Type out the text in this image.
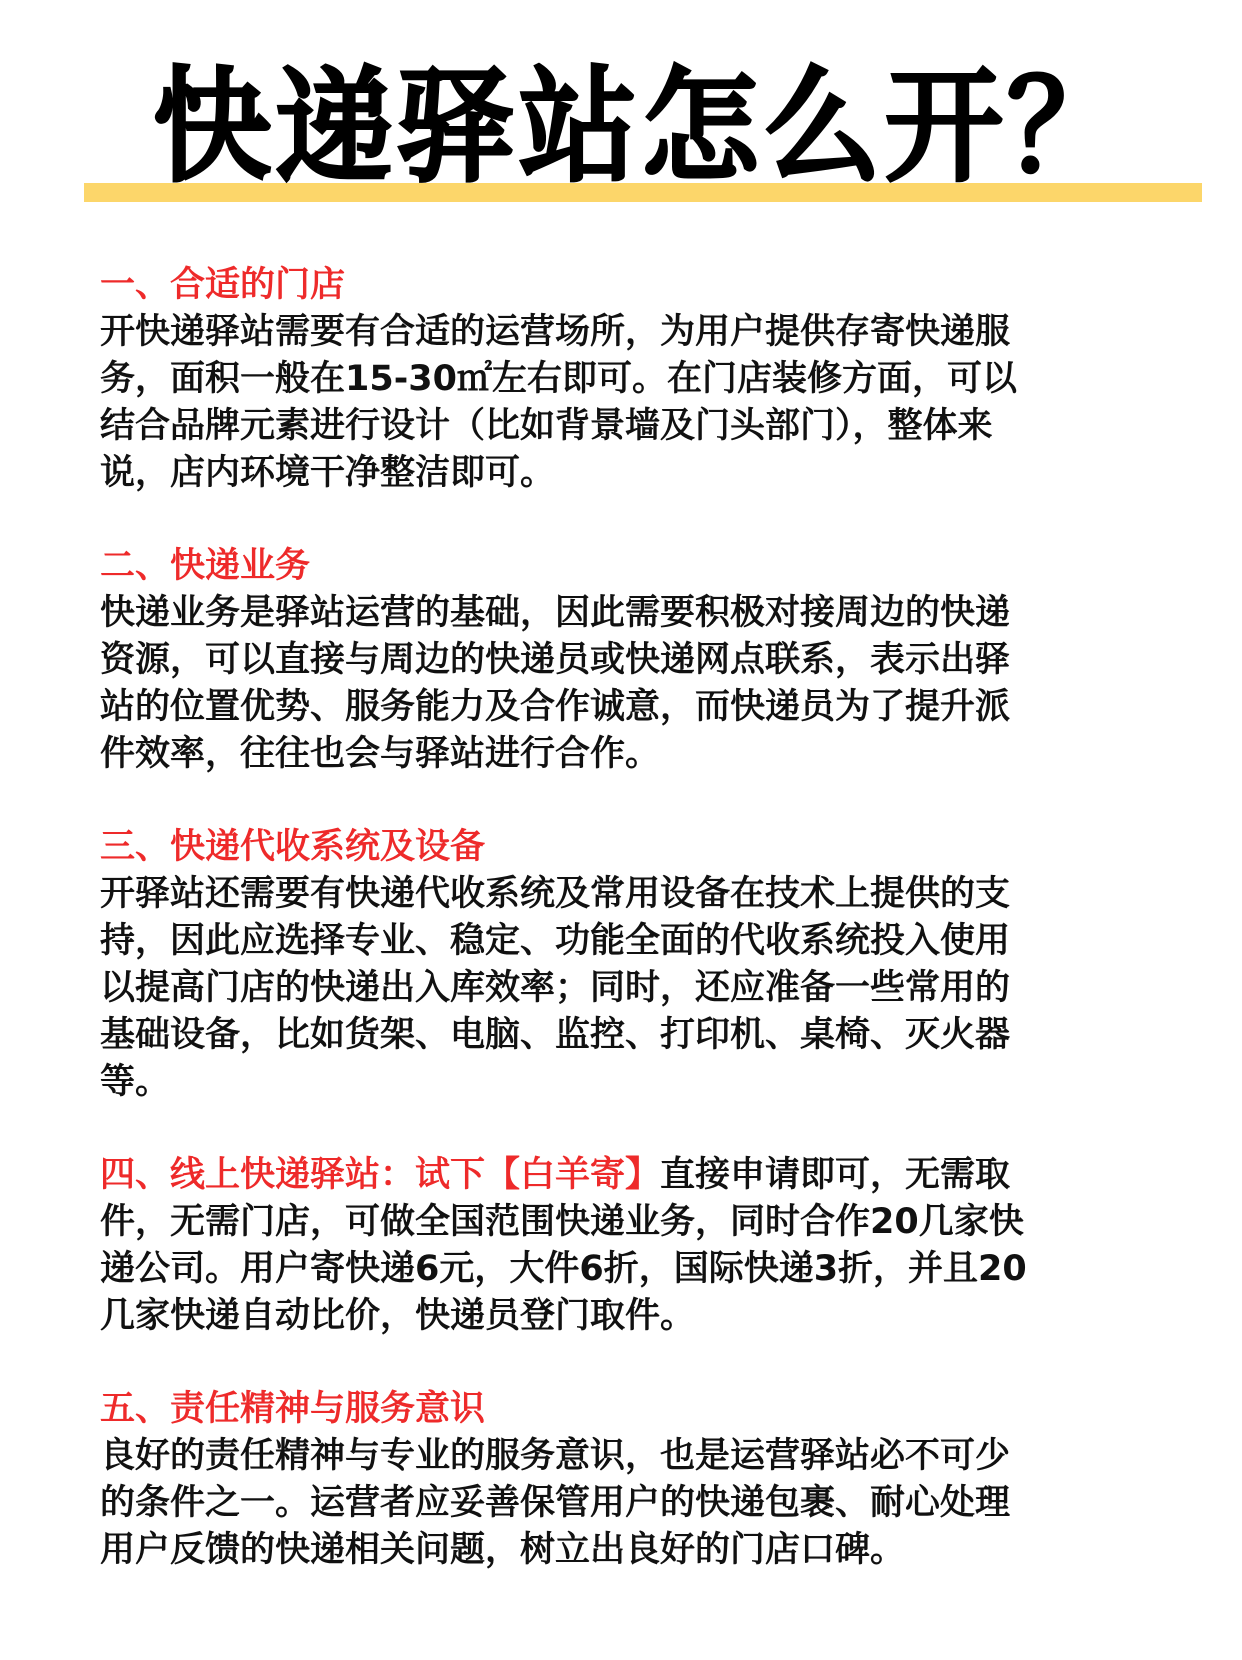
快递驿站怎么开？
一、合适的门店
开快递驿站需要有合适的运营场所，为用户提供存寄快递服
务，面积一般在15-30㎡左右即可。在门店装修方面，可以
结合品牌元素进行设计（比如背景墙及门头部门），整体来
说，店内环境干净整洁即可。
二、快递业务
快递业务是驿站运营的基础，因此需要积极对接周边的快递
资源，可以直接与周边的快递员或快递网点联系，表示出驿
站的位置优势、服务能力及合作诚意，而快递员为了提升派
件效率，往往也会与驿站进行合作。
三、快递代收系统及设备
开驿站还需要有快递代收系统及常用设备在技术上提供的支
持，因此应选择专业、稳定、功能全面的代收系统投入使用
以提高门店的快递出入库效率；同时，还应准备一些常用的
基础设备，比如货架、电脑、监控、打印机、桌椅、灭火器
等。
四、线上快递驿站：试下【白羊寄】直接申请即可，无需取
件，无需门店，可做全国范围快递业务，同时合作20几家快
递公司。用户寄快递6元，大件6折，国际快递3折，并且20
几家快递自动比价，快递员登门取件。
五、责任精神与服务意识
良好的责任精神与专业的服务意识，也是运营驿站必不可少
的条件之一。运营者应妥善保管用户的快递包裹、耐心处理
用户反馈的快递相关问题，树立出良好的门店口碑。
